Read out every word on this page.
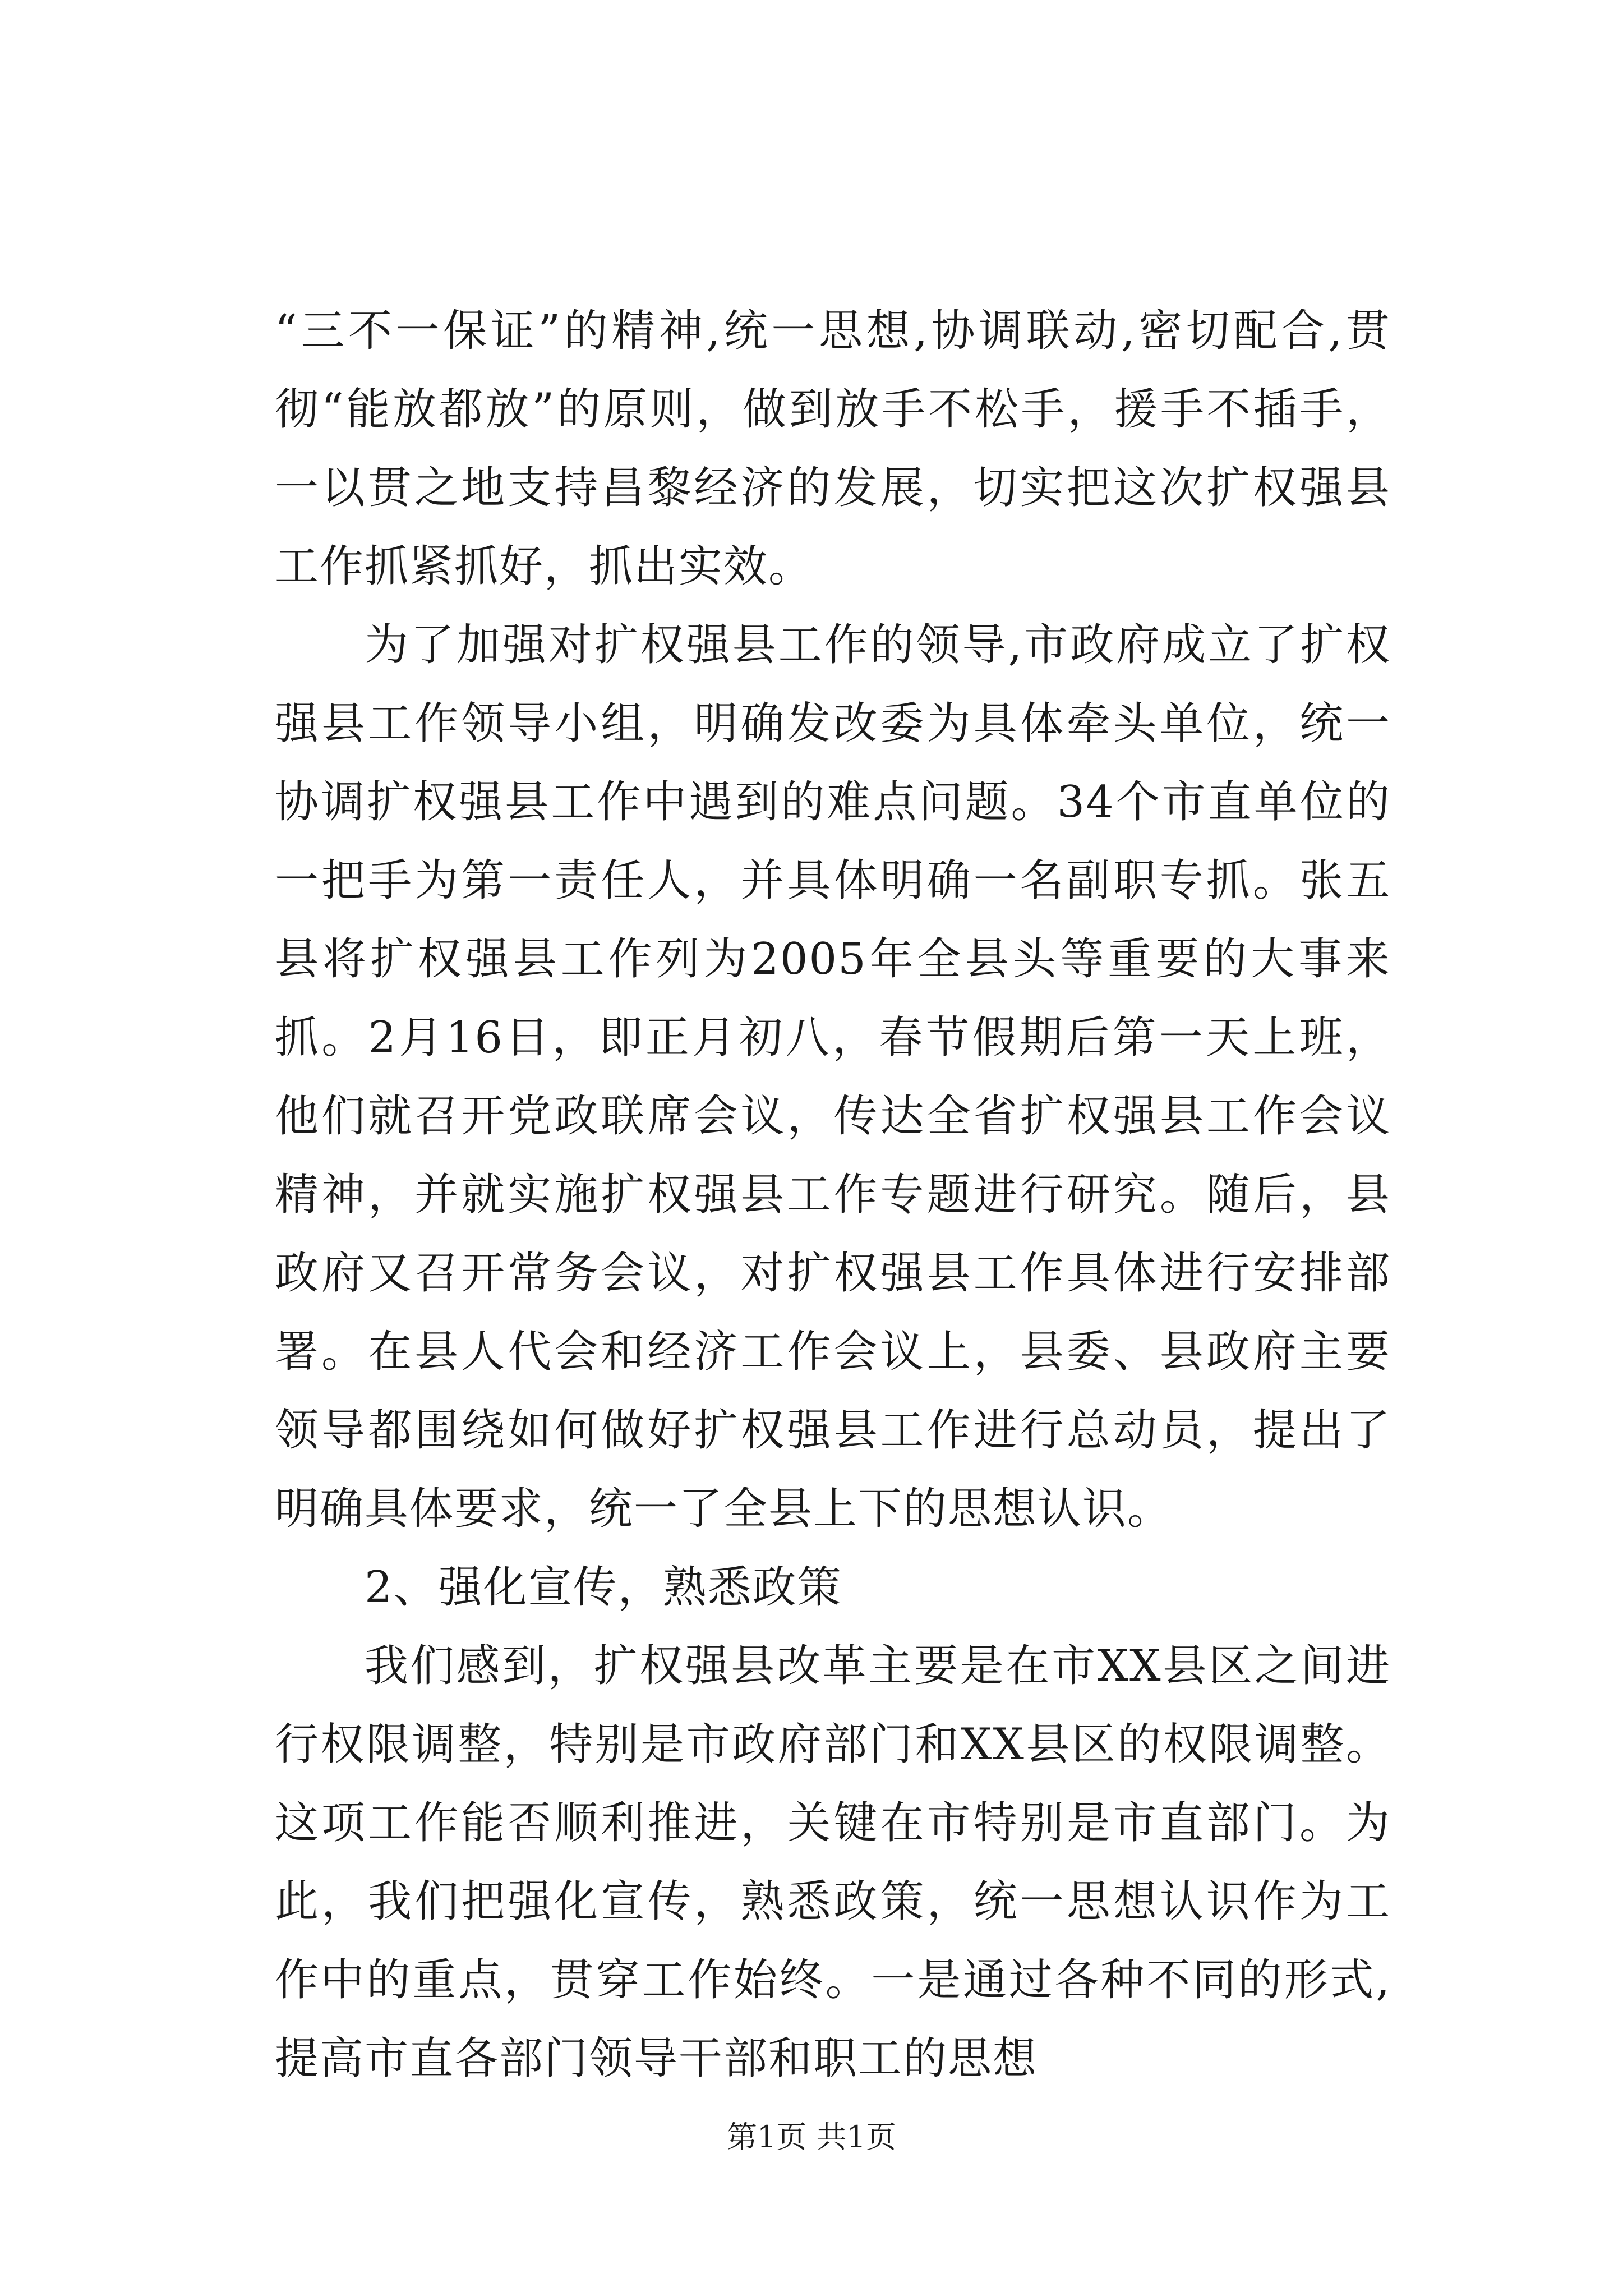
“三不一保证”的精神,统一思想,协调联动,密切配合,贯彻“能放都放”的原则，做到放手不松手，援手不插手，一以贯之地支持昌黎经济的发展，切实把这次扩权强县工作抓紧抓好，抓出实效。

为了加强对扩权强县工作的领导,市政府成立了扩权强县工作领导小组，明确发改委为具体牵头单位，统一协调扩权强县工作中遇到的难点问题。34个市直单位的一把手为第一责任人，并具体明确一名副职专抓。张五县将扩权强县工作列为2005年全县头等重要的大事来抓。2月16日，即正月初八，春节假期后第一天上班，他们就召开党政联席会议，传达全省扩权强县工作会议精神，并就实施扩权强县工作专题进行研究。随后，县政府又召开常务会议，对扩权强县工作具体进行安排部署。在县人代会和经济工作会议上，县委、县政府主要领导都围绕如何做好扩权强县工作进行总动员，提出了明确具体要求，统一了全县上下的思想认识。

2、强化宣传，熟悉政策

我们感到，扩权强县改革主要是在市XX县区之间进行权限调整，特别是市政府部门和XX县区的权限调整。这项工作能否顺利推进，关键在市特别是市直部门。为此，我们把强化宣传，熟悉政策，统一思想认识作为工作中的重点，贯穿工作始终。一是通过各种不同的形式,提高市直各部门领导干部和职工的思想

第1页 共1页
